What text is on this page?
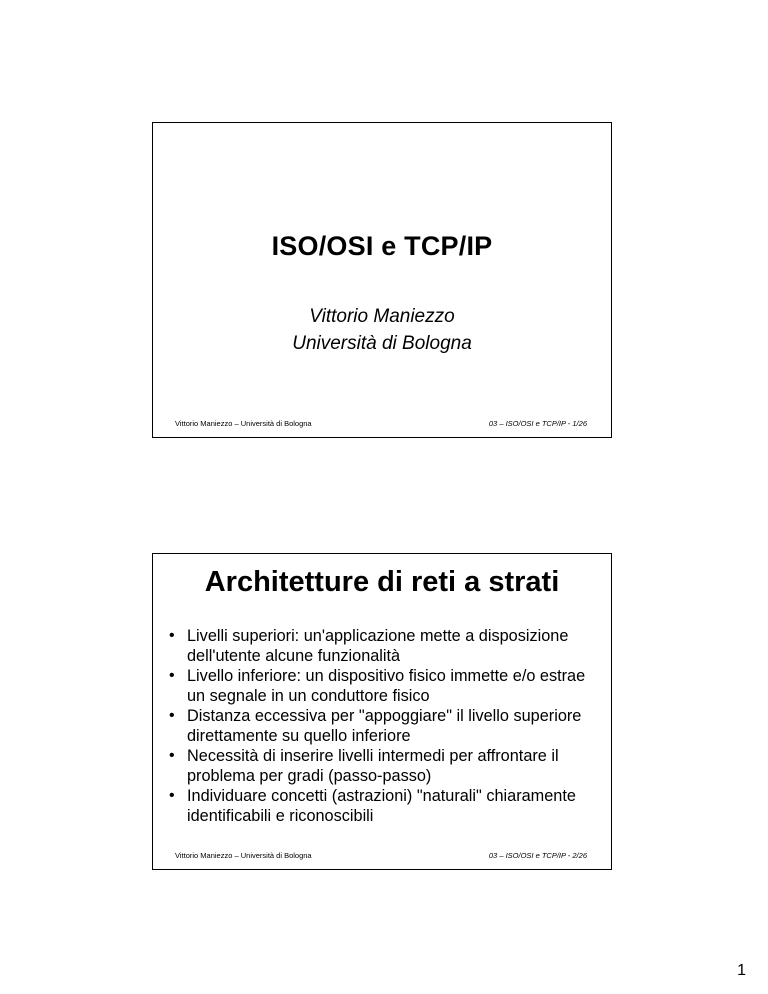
ISO/OSI e TCP/IP
Vittorio Maniezzo
Università di Bologna
Vittorio Maniezzo – Università di Bologna	03 – ISO/OSI e TCP/IP - 1/26
Architetture di reti a strati
• Livelli superiori: un'applicazione mette a disposizione dell'utente alcune funzionalità
• Livello inferiore: un dispositivo fisico immette e/o estrae un segnale in un conduttore fisico
• Distanza eccessiva per "appoggiare" il livello superiore direttamente su quello inferiore
• Necessità di inserire livelli intermedi per affrontare il problema per gradi (passo-passo)
• Individuare concetti (astrazioni) "naturali" chiaramente identificabili e riconoscibili
Vittorio Maniezzo – Università di Bologna	03 – ISO/OSI e TCP/IP - 2/26
1
